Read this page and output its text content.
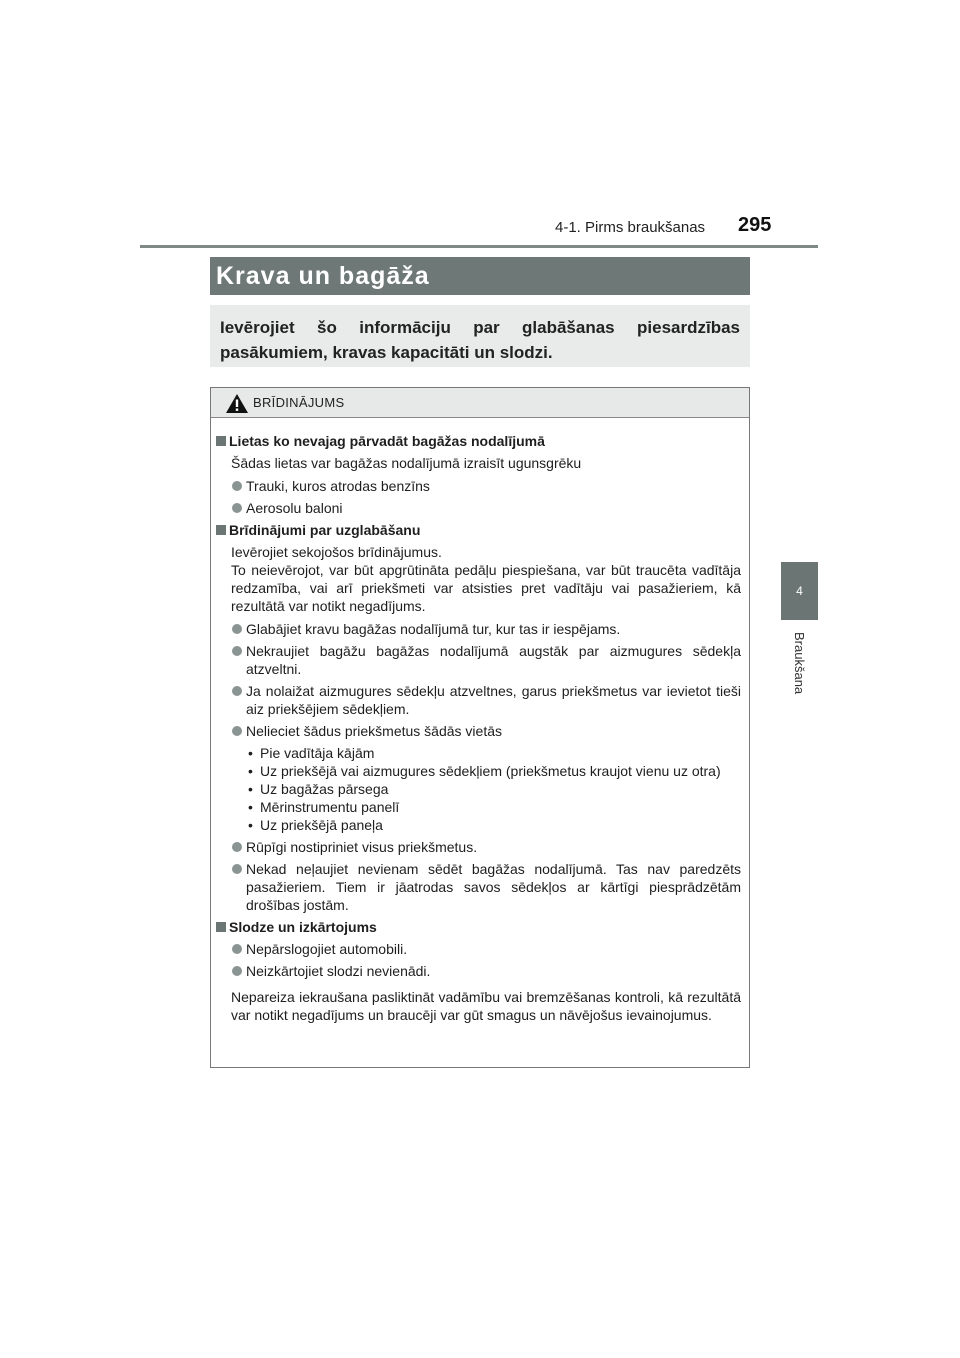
4-1. Pirms braukšanas 295
4
Braukšana
Krava un bagāža
Ievērojiet šo informāciju par glabāšanas piesardzības pasākumiem, kravas kapacitāti un slodzi.
BRĪDINĀJUMS
Lietas ko nevajag pārvadāt bagāžas nodalījumā
Šādas lietas var bagāžas nodalījumā izraisīt ugunsgrēku
Trauki, kuros atrodas benzīns
Aerosolu baloni
Brīdinājumi par uzglabāšanu
Ievērojiet sekojošos brīdinājumus.
To neievērojot, var būt apgrūtināta pedāļu piespiešana, var būt traucēta vadītāja redzamība, vai arī priekšmeti var atsisties pret vadītāju vai pasažieriem, kā rezultātā var notikt negadījums.
Glabājiet kravu bagāžas nodalījumā tur, kur tas ir iespējams.
Nekraujiet bagāžu bagāžas nodalījumā augstāk par aizmugures sēdekļa atzveltni.
Ja nolaižat aizmugures sēdekļu atzveltnes, garus priekšmetus var ievietot tieši aiz priekšējiem sēdekļiem.
Nelieciet šādus priekšmetus šādās vietās
• Pie vadītāja kājām
• Uz priekšējā vai aizmugures sēdekļiem (priekšmetus kraujot vienu uz otra)
• Uz bagāžas pārsega
• Mērinstrumentu panelī
• Uz priekšējā paneļa
Rūpīgi nostipriniet visus priekšmetus.
Nekad neļaujiet nevienam sēdēt bagāžas nodalījumā. Tas nav paredzēts pasažieriem. Tiem ir jāatrodas savos sēdekļos ar kārtīgi piesprādzētām drošības jostām.
Slodze un izkārtojums
Nepārslogojiet automobili.
Neizkārtojiet slodzi nevienādi.
Nepareiza iekraušana pasliktināt vadāmību vai bremzēšanas kontroli, kā rezultātā var notikt negadījums un braucēji var gūt smagus un nāvējošus ievainojumus.
